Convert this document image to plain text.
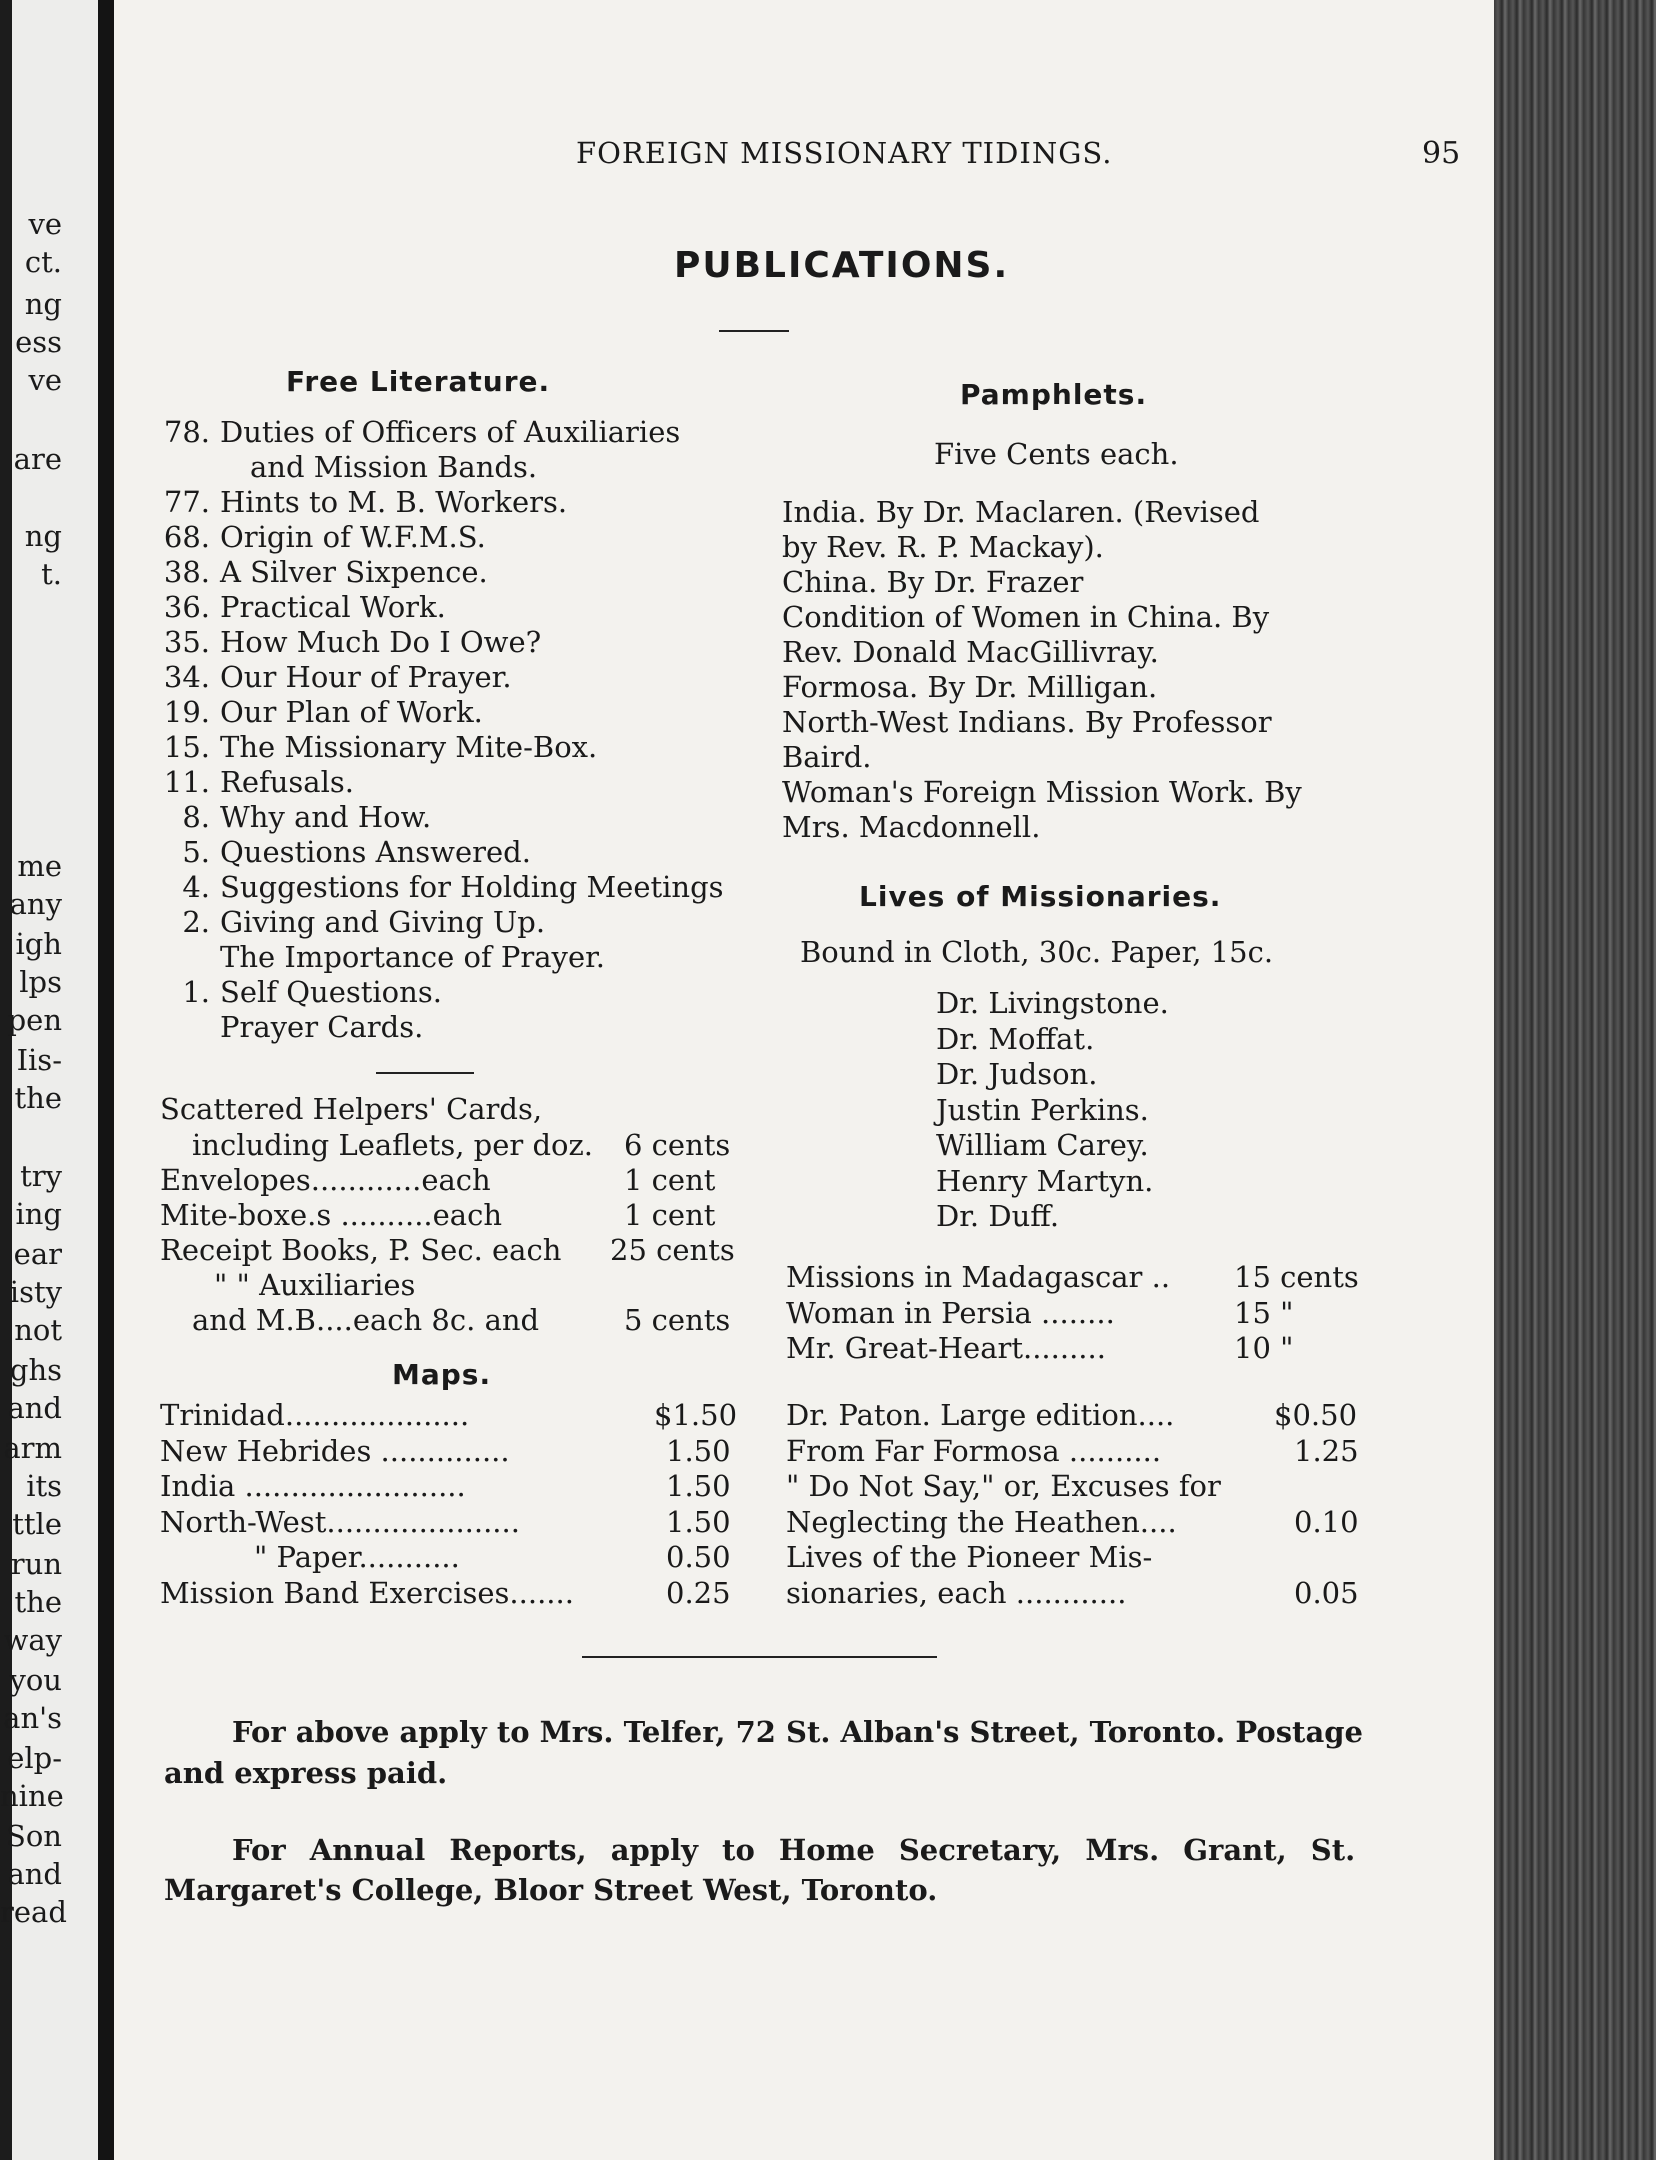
ve
ct.
ng
ess
ve
are
ng
t.
me
any
igh
lps
pen
Iis-
the
try
ing
ear
isty
not
ghs
and
arm
its
ttle
run
the
way
you
an's
elp-
nine
Son
and
read
FOREIGN MISSIONARY TIDINGS.	95
PUBLICATIONS.
Free Literature.
78. Duties of Officers of Auxiliaries
and Mission Bands.
77. Hints to M. B. Workers.
68. Origin of W.F.M.S.
38. A Silver Sixpence.
36. Practical Work.
35. How Much Do I Owe?
34. Our Hour of Prayer.
19. Our Plan of Work.
15. The Missionary Mite-Box.
11. Refusals.
8. Why and How.
5. Questions Answered.
4. Suggestions for Holding Meetings
2. Giving and Giving Up.
The Importance of Prayer.
1. Self Questions.
Prayer Cards.
Scattered Helpers' Cards,
including Leaflets, per doz. 6 cents
Envelopes............each	1 cent
Mite-boxe.s ..........each	1 cent
Receipt Books, P. Sec. each 25 cents
" " Auxiliaries
and M.B....each 8c. and	5 cents
Maps.
Trinidad....................	$1.50
New Hebrides ..............	1.50
India ........................	1.50
North-West.....................	1.50
" Paper...........	0.50
Mission Band Exercises.......	0.25
Pamphlets.
Five Cents each.
India. By Dr. Maclaren. (Revised
by Rev. R. P. Mackay).
China. By Dr. Frazer
Condition of Women in China. By
Rev. Donald MacGillivray.
Formosa. By Dr. Milligan.
North-West Indians. By Professor
Baird.
Woman's Foreign Mission Work. By
Mrs. Macdonnell.
Lives of Missionaries.
Bound in Cloth, 30c. Paper, 15c.
Dr. Livingstone.
Dr. Moffat.
Dr. Judson.
Justin Perkins.
William Carey.
Henry Martyn.
Dr. Duff.
Missions in Madagascar .. 15 cents
Woman in Persia ........	15 "
Mr. Great-Heart.........	10 "
Dr. Paton. Large edition....	$0.50
From Far Formosa ..........	1.25
" Do Not Say," or, Excuses for
Neglecting the Heathen....	0.10
Lives of the Pioneer Mis-
sionaries, each ............	0.05
For above apply to Mrs. Telfer, 72 St. Alban's Street, Toronto. Postage
and express paid.
For Annual Reports, apply to Home Secretary, Mrs. Grant, St.
Margaret's College, Bloor Street West, Toronto.
